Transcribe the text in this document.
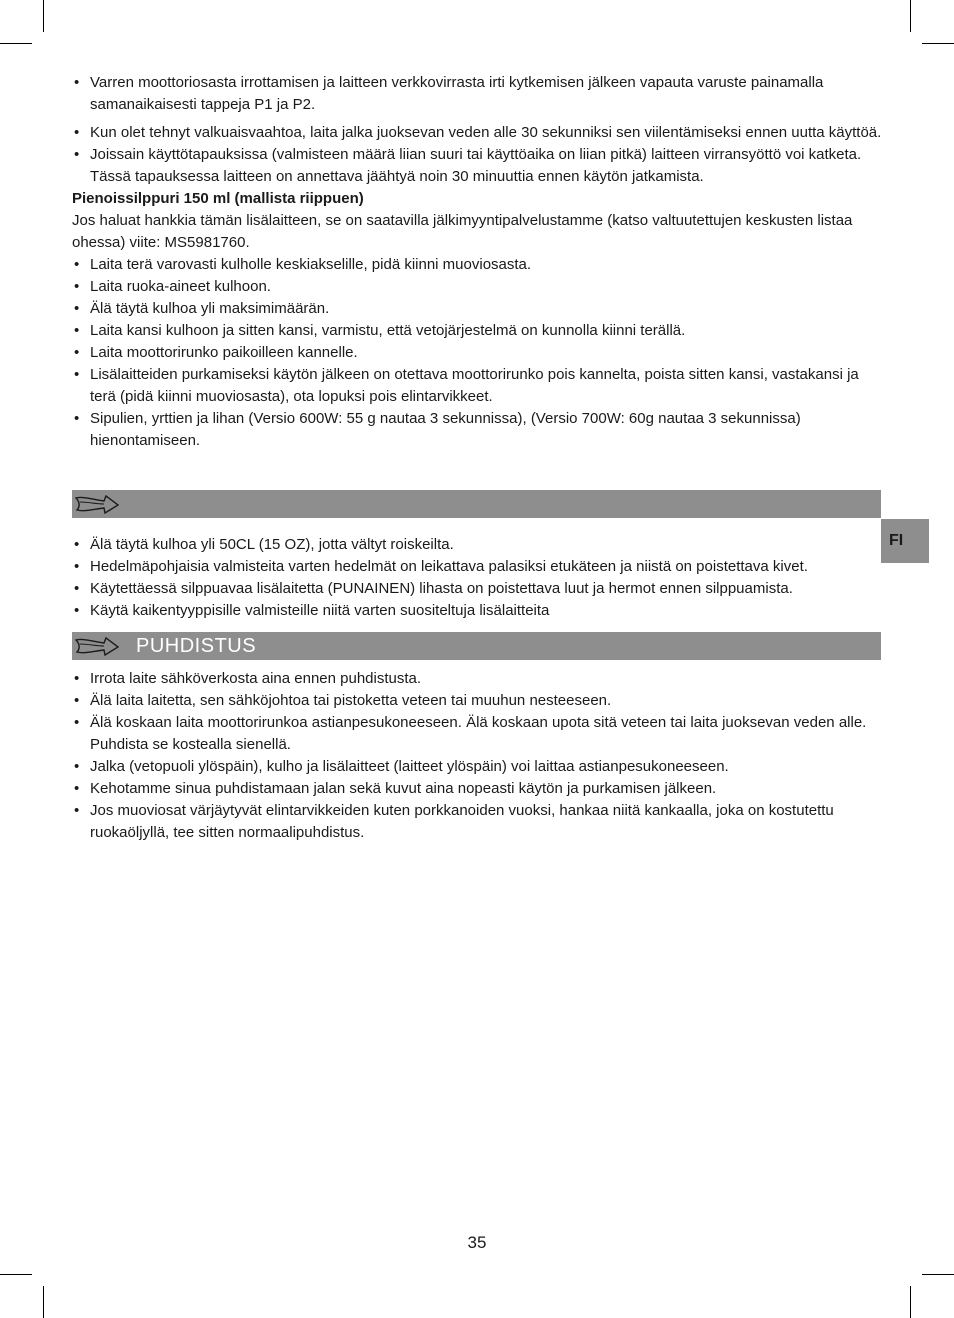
• Varren moottoriosasta irrottamisen ja laitteen verkkovirrasta irti kytkemisen jälkeen vapauta varuste painamalla samanaikaisesti tappeja P1 ja P2.
• Kun olet tehnyt valkuaisvaahtoa, laita jalka juoksevan veden alle 30 sekunniksi sen viilentämiseksi ennen uutta käyttöä.
• Joissain käyttötapauksissa (valmisteen määrä liian suuri tai käyttöaika on liian pitkä) laitteen virransyöttö voi katketa. Tässä tapauksessa laitteen on annettava jäähtyä noin 30 minuuttia ennen käytön jatkamista.
Pienoissilppuri 150 ml (mallista riippuen)
Jos haluat hankkia tämän lisälaitteen, se on saatavilla jälkimyyntipalvelustamme (katso valtuutettujen keskusten listaa ohessa) viite: MS5981760.
• Laita terä varovasti kulholle keskiakselille, pidä kiinni muoviosasta.
• Laita ruoka-aineet kulhoon.
• Älä täytä kulhoa yli maksimimäärän.
• Laita kansi kulhoon ja sitten kansi, varmistu, että vetojärjestelmä on kunnolla kiinni terällä.
• Laita moottorirunko paikoilleen kannelle.
• Lisälaitteiden purkamiseksi käytön jälkeen on otettava moottorirunko pois kannelta, poista sitten kansi, vastakansi ja terä (pidä kiinni muoviosasta), ota lopuksi pois elintarvikkeet.
• Sipulien, yrttien ja lihan (Versio 600W: 55 g nautaa 3 sekunnissa), (Versio 700W: 60g nautaa 3 sekunnissa) hienontamiseen.
• Älä täytä kulhoa yli 50CL (15 OZ), jotta vältyt roiskeilta.
• Hedelmäpohjaisia valmisteita varten hedelmät on leikattava palasiksi etukäteen ja niistä on poistettava kivet.
• Käytettäessä silppuavaa lisälaitetta (PUNAINEN) lihasta on poistettava luut ja hermot ennen silppuamista.
• Käytä kaikentyyppisille valmisteille niitä varten suositeltuja lisälaitteita
PUHDISTUS
• Irrota laite sähköverkosta aina ennen puhdistusta.
• Älä laita laitetta, sen sähköjohtoa tai pistoketta veteen tai muuhun nesteeseen.
• Älä koskaan laita moottorirunkoa astianpesukoneeseen. Älä koskaan upota sitä veteen tai laita juoksevan veden alle. Puhdista se kostealla sienellä.
• Jalka (vetopuoli ylöspäin), kulho ja lisälaitteet (laitteet ylöspäin) voi laittaa astianpesukoneeseen.
• Kehotamme sinua puhdistamaan jalan sekä kuvut aina nopeasti käytön ja purkamisen jälkeen.
• Jos muoviosat värjäytyvät elintarvikkeiden kuten porkkanoiden vuoksi, hankaa niitä kankaalla, joka on kostutettu ruokaöljyllä, tee sitten normaalipuhdistus.
FI
35
